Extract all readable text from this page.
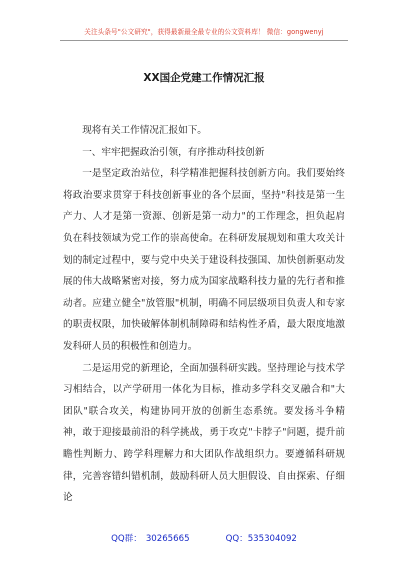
关注头条号"公文研究"，获得最新最全最专业的公文资料库！ 微信：gongwenyj
XX国企党建工作情况汇报

现将有关工作情况汇报如下。

一、牢牢把握政治引领，有序推动科技创新

一是坚定政治站位，科学精准把握科技创新方向。我们要始终将政治要求贯穿于科技创新事业的各个层面，坚持"科技是第一生产力、人才是第一资源、创新是第一动力"的工作理念，担负起肩负在科技领域为党工作的崇高使命。在科研发展规划和重大攻关计划的制定过程中，要与党中央关于建设科技强国、加快创新驱动发展的伟大战略紧密对接，努力成为国家战略科技力量的先行者和推动者。应建立健全"放管服"机制，明确不同层级项目负责人和专家的职责权限，加快破解体制机制障碍和结构性矛盾，最大限度地激发科研人员的积极性和创造力。

二是运用党的新理论，全面加强科研实践。坚持理论与技术学习相结合，以产学研用一体化为目标，推动多学科交叉融合和"大团队"联合攻关，构建协同开放的创新生态系统。要发扬斗争精神，敢于迎接最前沿的科学挑战，勇于攻克"卡脖子"问题，提升前瞻性判断力、跨学科理解力和大团队作战组织力。要遵循科研规律，完善容错纠错机制，鼓励科研人员大胆假设、自由探索、仔细论

QQ群： 30265665	QQ：535304092
